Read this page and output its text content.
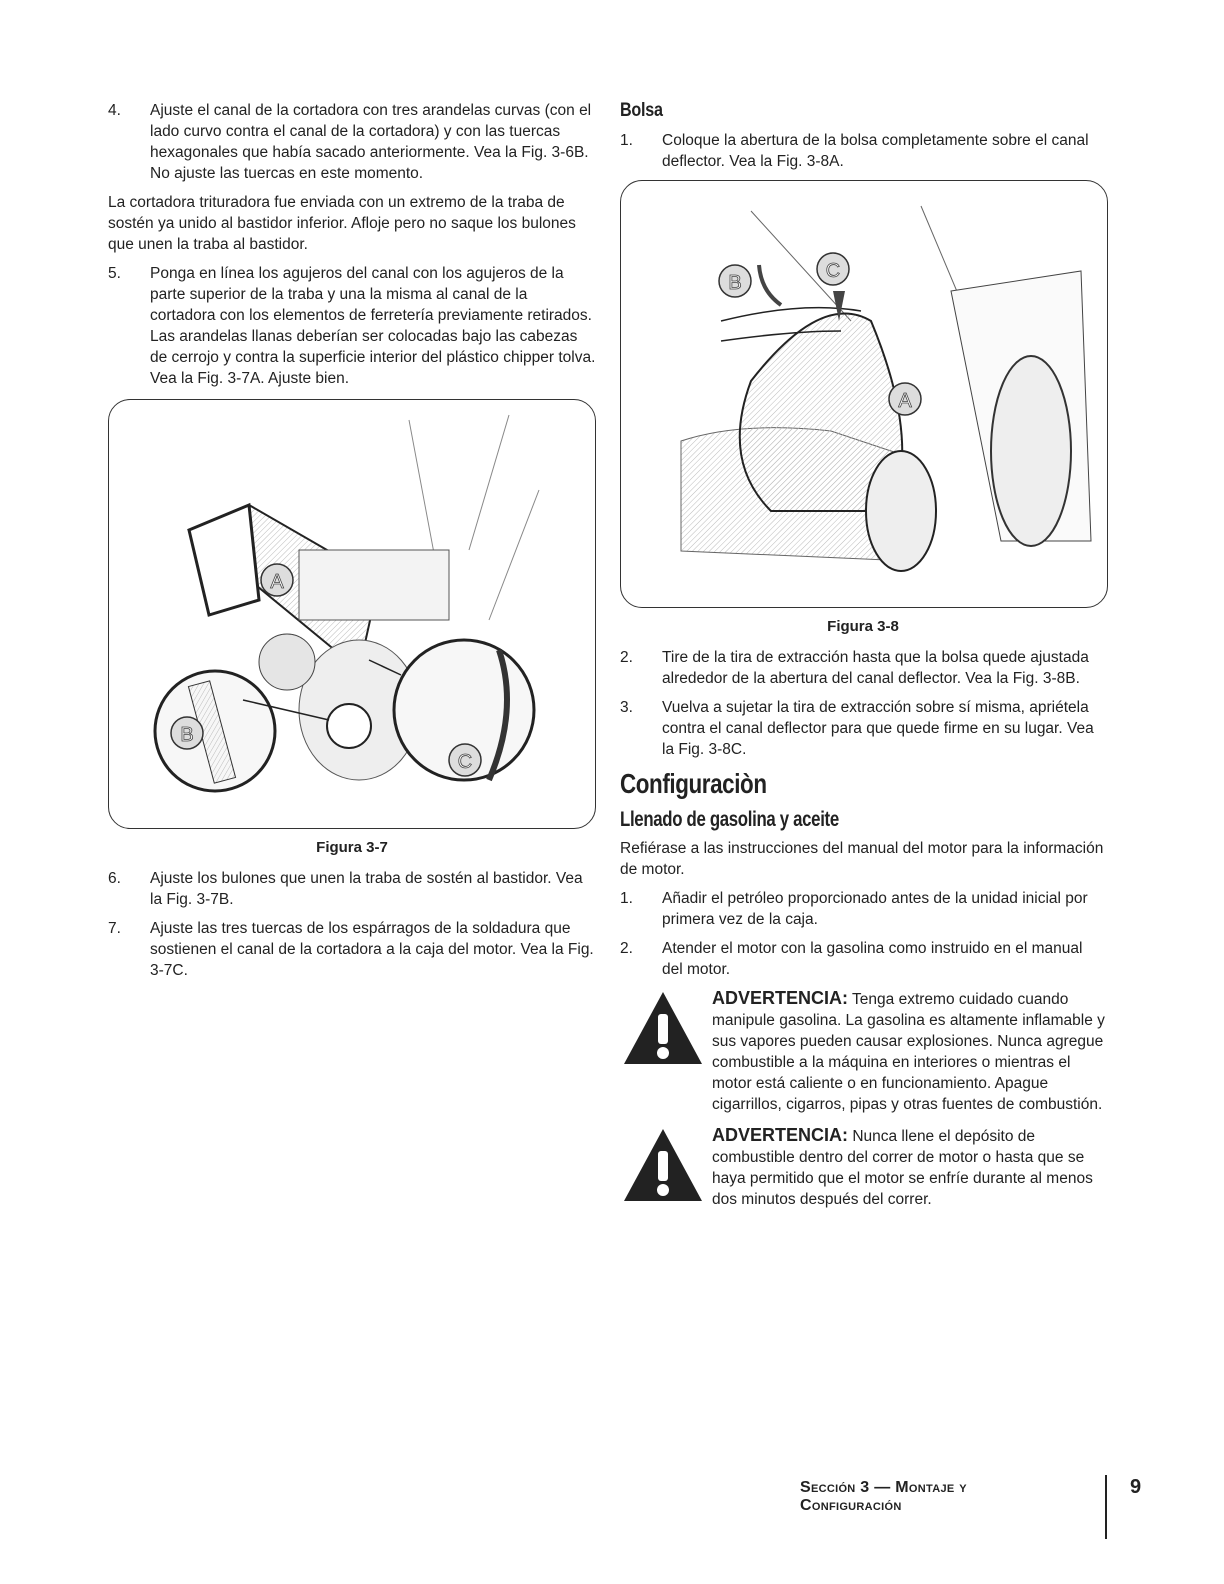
4.	Ajuste el canal de la cortadora con tres arandelas curvas (con el lado curvo contra el canal de la cortadora) y con las tuercas hexagonales que había sacado anteriormente. Vea la Fig. 3-6B. No ajuste las tuercas en este momento.

La cortadora trituradora fue enviada con un extremo de la traba de sostén ya unido al bastidor inferior. Afloje pero no saque los bulones que unen la traba al bastidor.

5.	Ponga en línea los agujeros del canal con los agujeros de la parte superior de la traba y una la misma al canal de la cortadora con los elementos de ferretería previamente retirados. Las arandelas llanas deberían ser colocadas bajo las cabezas de cerrojo y contra la superficie interior del plástico chipper tolva. Vea la Fig. 3-7A. Ajuste bien.
A
B
C
Figura 3-7
6.	Ajuste los bulones que unen la traba de sostén al bastidor. Vea la Fig. 3-7B.
7.	Ajuste las tres tuercas de los espárragos de la soldadura que sostienen el canal de la cortadora a la caja del motor. Vea la Fig. 3-7C.
Bolsa
1.	Coloque la abertura de la bolsa completamente sobre el canal deflector. Vea la Fig. 3-8A.
B
C
A
Figura 3-8
2.	Tire de la tira de extracción hasta que la bolsa quede ajustada alrededor de la abertura del canal deflector. Vea la Fig. 3-8B.
3.	Vuelva a sujetar la tira de extracción sobre sí misma, apriételа contra el canal deflector para que quede firme en su lugar. Vea la Fig. 3-8C.
Configuraciòn
Llenado de gasolina y aceite

Refiérase a las instrucciones del manual del motor para la información de motor.

1.	Añadir el petróleo proporcionado antes de la unidad inicial por primera vez de la caja.
2.	Atender el motor con la gasolina como instruido en el manual del motor.
ADVERTENCIA: Tenga extremo cuidado cuando manipule gasolina. La gasolina es altamente inflamable y sus vapores pueden causar explosiones. Nunca agregue combustible a la máquina en interiores o mientras el motor está caliente o en funcionamiento. Apague cigarrillos, cigarros, pipas y otras fuentes de combustión.
ADVERTENCIA: Nunca llene el depósito de combustible dentro del correr de motor o hasta que se haya permitido que el motor se enfríe durante al menos dos minutos después del correr.
Sección 3 — Montaje y Configuración
9
